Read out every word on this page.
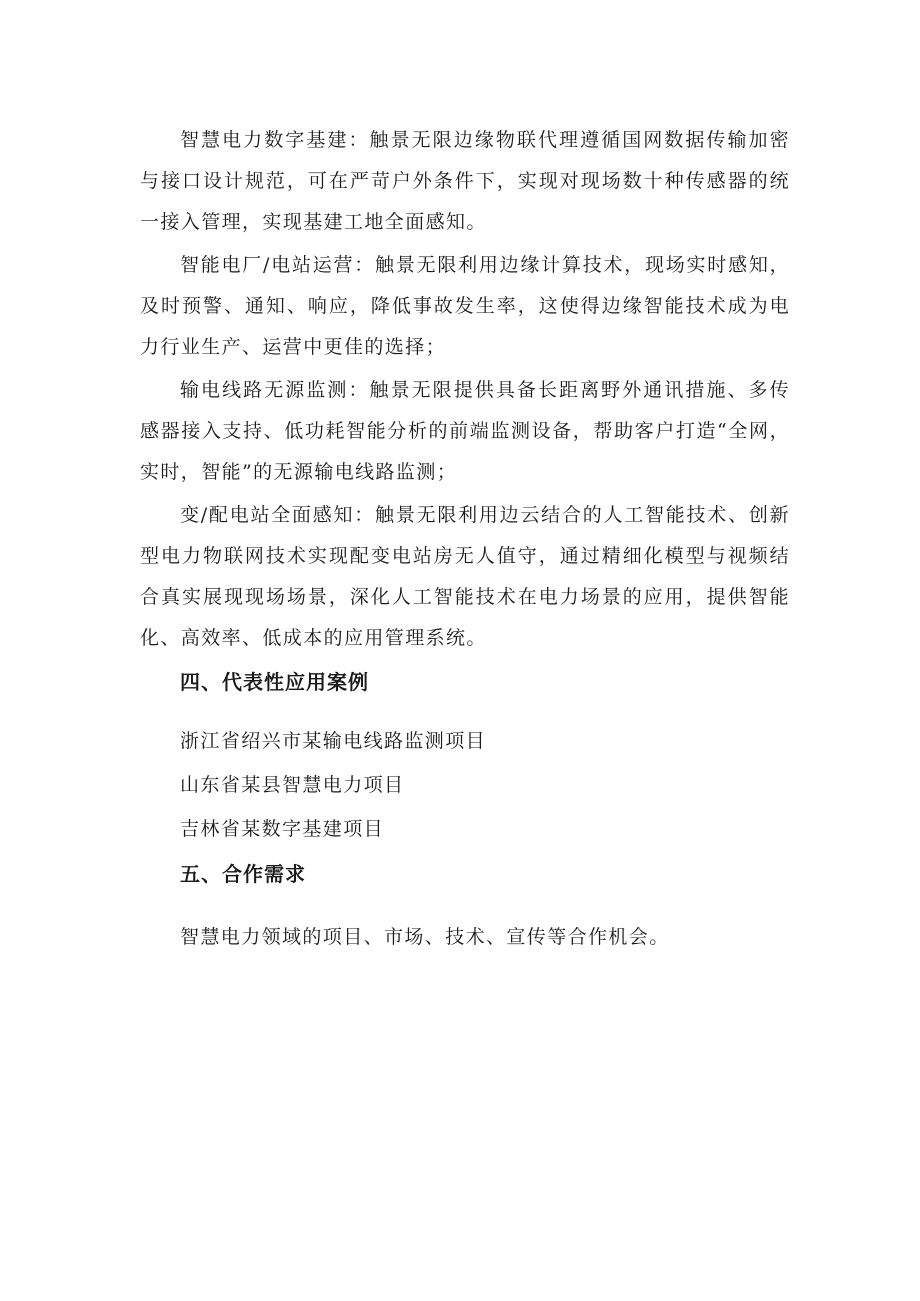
智慧电力数字基建：触景无限边缘物联代理遵循国网数据传输加密与接口设计规范，可在严苛户外条件下，实现对现场数十种传感器的统一接入管理，实现基建工地全面感知。

智能电厂/电站运营：触景无限利用边缘计算技术，现场实时感知，及时预警、通知、响应，降低事故发生率，这使得边缘智能技术成为电力行业生产、运营中更佳的选择；

输电线路无源监测：触景无限提供具备长距离野外通讯措施、多传感器接入支持、低功耗智能分析的前端监测设备，帮助客户打造“全网，实时，智能”的无源输电线路监测；

变/配电站全面感知：触景无限利用边云结合的人工智能技术、创新型电力物联网技术实现配变电站房无人值守，通过精细化模型与视频结合真实展现现场场景，深化人工智能技术在电力场景的应用，提供智能化、高效率、低成本的应用管理系统。

四、代表性应用案例
浙江省绍兴市某输电线路监测项目
山东省某县智慧电力项目
吉林省某数字基建项目
五、合作需求
智慧电力领域的项目、市场、技术、宣传等合作机会。
